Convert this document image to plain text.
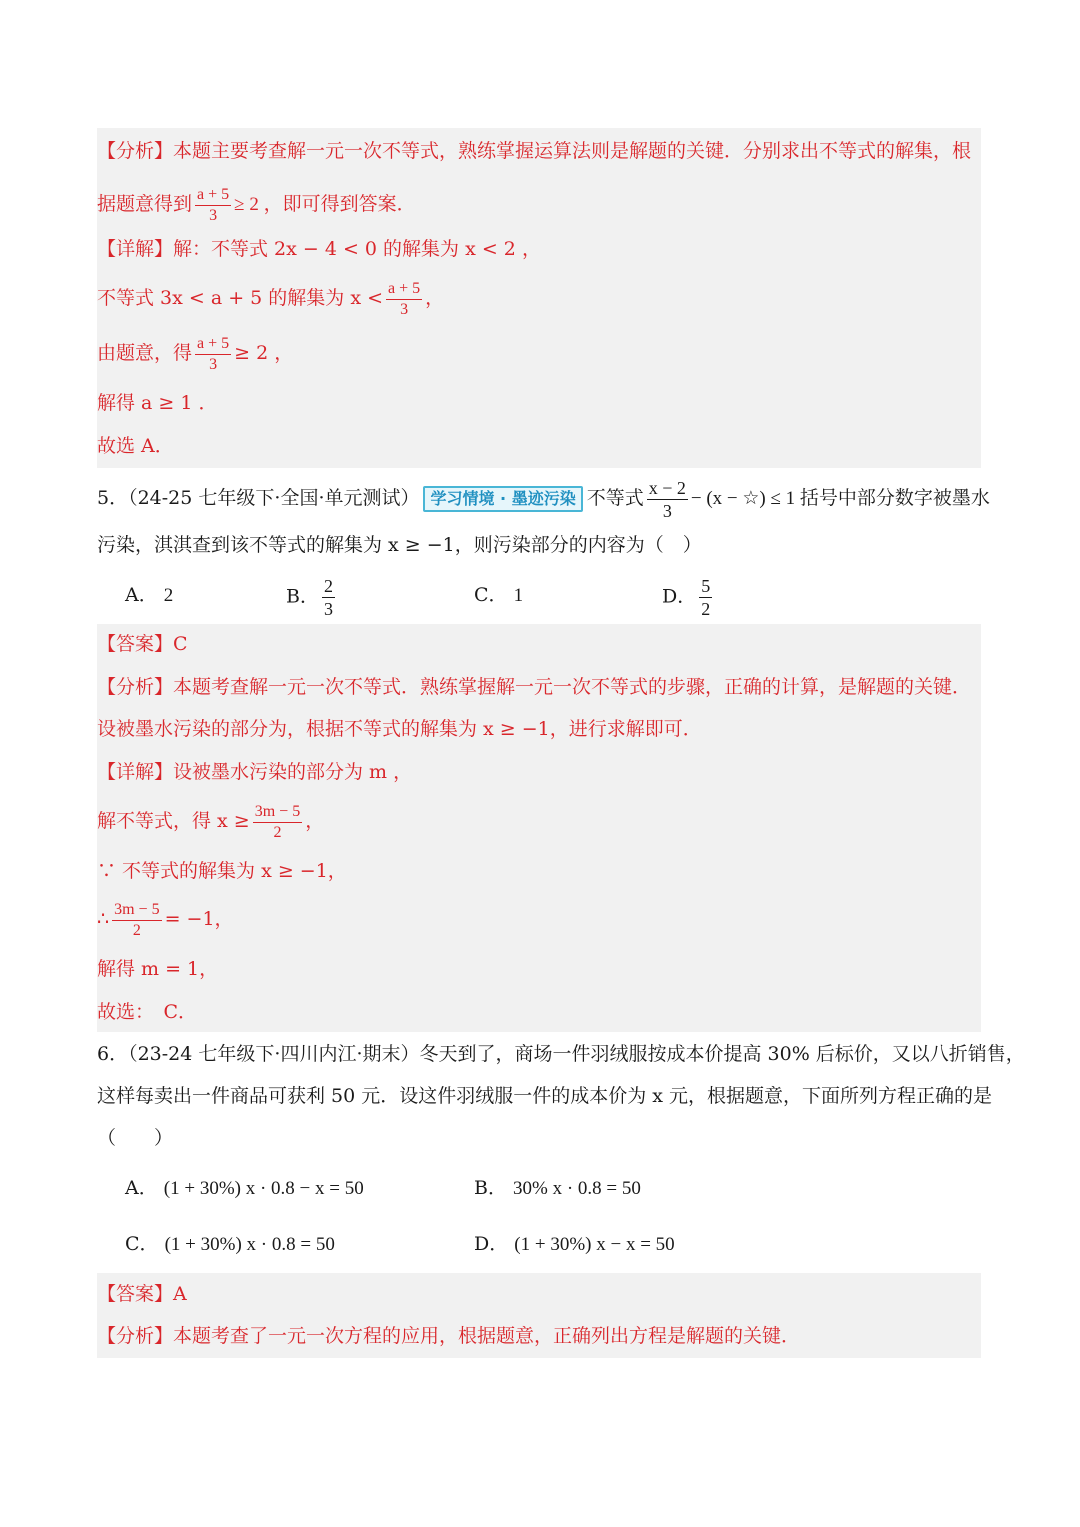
【分析】本题主要考查解一元一次不等式，熟练掌握运算法则是解题的关键．分别求出不等式的解集，根
据题意得到 $\frac{a + 5}{3} \ge 2$ ，即可得到答案．
【详解】解：不等式 2x − 4 < 0 的解集为 x < 2 ，
不等式 3x < a + 5 的解集为 $x < \frac{a + 5}{3}$ ，
由题意，得 $\frac{a + 5}{3} \ge 2$ ，
解得 a ≥ 1 ．
故选 A．
5．（24-25 七年级下·全国·单元测试） 学习情境 · 墨迹污染 不等式 $\frac{x - 2}{3} - (x$ − ☆) ≤ 1 括号中部分数字被墨水
污染，淇淇查到该不等式的解集为 x ≥ −1，则污染部分的内容为（　）
A． 2	B． $\frac{2}{3}$	C． 1	D． $\frac{5}{2}$
【答案】C
【分析】本题考查解一元一次不等式．熟练掌握解一元一次不等式的步骤，正确的计算，是解题的关键．
设被墨水污染的部分为，根据不等式的解集为 x ≥ −1，进行求解即可．
【详解】设被墨水污染的部分为 m ，
解不等式，得 $x \ge \frac{3m - 5}{2}$ ，
∵ 不等式的解集为 x ≥ −1，
∴ $\frac{3m - 5}{2} = -1$，
解得 m = 1，
故选：　C．
6．（23-24 七年级下·四川内江·期末）冬天到了，商场一件羽绒服按成本价提高 30% 后标价，又以八折销售，
这样每卖出一件商品可获利 50 元．设这件羽绒服一件的成本价为 x 元，根据题意，下面所列方程正确的是
（　　）
A． (1 + 30%) x · 0.8 − x = 50	B． 30% x · 0.8 = 50
C． (1 + 30%) x · 0.8 = 50	D． (1 + 30%) x − x = 50
【答案】A
【分析】本题考查了一元一次方程的应用，根据题意，正确列出方程是解题的关键．
